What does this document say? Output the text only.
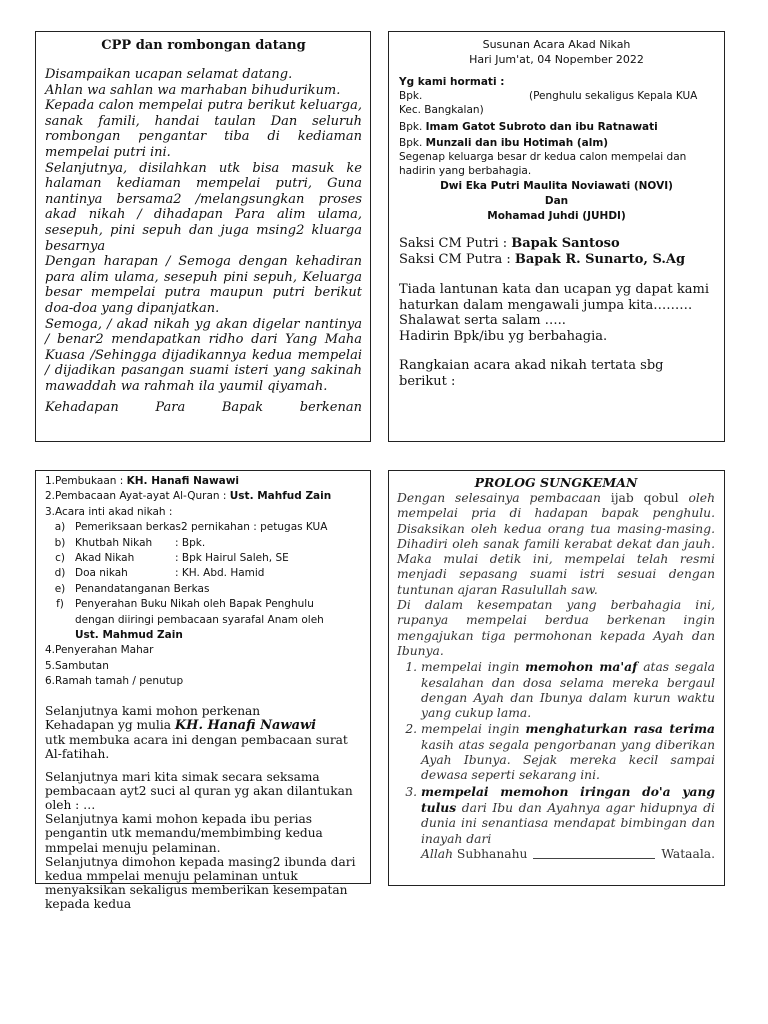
CPP dan rombongan datang

Disampaikan ucapan selamat datang.

Ahlan wa sahlan wa marhaban bihudurikum.

Kepada calon mempelai putra berikut keluarga, sanak famili, handai taulan Dan seluruh rombongan pengantar tiba di kediaman mempelai putri ini.

Selanjutnya, disilahkan utk bisa masuk ke halaman kediaman mempelai putri, Guna nantinya bersama2 /melangsungkan proses akad nikah / dihadapan Para alim ulama, sesepuh, pini sepuh dan juga msing2 kluarga besarnya

Dengan harapan / Semoga dengan kehadiran para alim ulama, sesepuh pini sepuh, Keluarga besar mempelai putra maupun putri berikut doa-doa yang dipanjatkan.

Semoga, / akad nikah yg akan digelar nantinya / benar2 mendapatkan ridho dari Yang Maha Kuasa /Sehingga dijadikannya kedua mempelai / dijadikan pasangan suami isteri yang sakinah mawaddah wa rahmah ila yaumil qiyamah.

Kehadapan Para Bapak berkenan

Susunan Acara Akad Nikah
Hari Jum'at, 04 Nopember 2022
Yg kami hormati :
Bpk.	(Penghulu sekaligus Kepala KUA
Kec. Bangkalan)
Bpk. Imam Gatot Subroto dan ibu Ratnawati
Bpk. Munzali dan ibu Hotimah (alm)
Segenap keluarga besar dr kedua calon mempelai dan hadirin yang berbahagia.
Dwi Eka Putri Maulita Noviawati (NOVI)
Dan
Mohamad Juhdi (JUHDI)
Saksi CM Putri : Bapak Santoso
Saksi CM Putra : Bapak R. Sunarto, S.Ag
Tiada lantunan kata dan ucapan yg dapat kami haturkan dalam mengawali jumpa kita………
Shalawat serta salam …..
Hadirin Bpk/ibu yg berbahagia.
Rangkaian acara akad nikah tertata sbg berikut :
1.Pembukaan : KH. Hanafi Nawawi
2.Pembacaan Ayat-ayat Al-Quran : Ust. Mahfud Zain
3.Acara inti akad nikah :
a) Pemeriksaan berkas2 pernikahan : petugas KUA
b) Khutbah Nikah	: Bpk.
c) Akad Nikah	: Bpk Hairul Saleh, SE
d) Doa nikah	: KH. Abd. Hamid
e) Penandatanganan Berkas
f)	Penyerahan Buku Nikah oleh Bapak Penghulu dengan diiringi pembacaan syarafal Anam oleh
Ust. Mahmud Zain
4.Penyerahan Mahar
5.Sambutan
6.Ramah tamah / penutup

Selanjutnya kami mohon perkenan

Kehadapan yg mulia KH. Hanafi Nawawi

utk membuka acara ini dengan pembacaan surat Al-fatihah.

Selanjutnya mari kita simak secara seksama pembacaan ayt2 suci al quran yg akan dilantukan oleh : …

Selanjutnya kami mohon kepada ibu perias pengantin utk memandu/membimbing kedua mmpelai menuju pelaminan.

Selanjutnya dimohon kepada masing2 ibunda dari kedua mmpelai menuju pelaminan untuk menyaksikan sekaligus memberikan kesempatan kepada kedua

PROLOG SUNGKEMAN

Dengan selesainya pembacaan ijab qobul oleh mempelai pria di hadapan bapak penghulu. Disaksikan oleh kedua orang tua masing-masing. Dihadiri oleh sanak famili kerabat dekat dan jauh. Maka mulai detik ini, mempelai telah resmi menjadi sepasang suami istri sesuai dengan tuntunan ajaran Rasulullah saw.

Di dalam kesempatan yang berbahagia ini, rupanya mempelai berdua berkenan ingin mengajukan tiga permohonan kepada Ayah dan Ibunya.

1. mempelai ingin memohon ma'af atas segala kesalahan dan dosa selama mereka bergaul dengan Ayah dan Ibunya dalam kurun waktu yang cukup lama.
2. mempelai ingin menghaturkan rasa terima kasih atas segala pengorbanan yang diberikan Ayah Ibunya. Sejak mereka kecil sampai dewasa seperti sekarang ini.
3. mempelai memohon iringan do'a yang tulus dari Ibu dan Ayahnya agar hidupnya di dunia ini senantiasa mendapat bimbingan dan inayah dari
Allah Subhanahu	Wataala.
